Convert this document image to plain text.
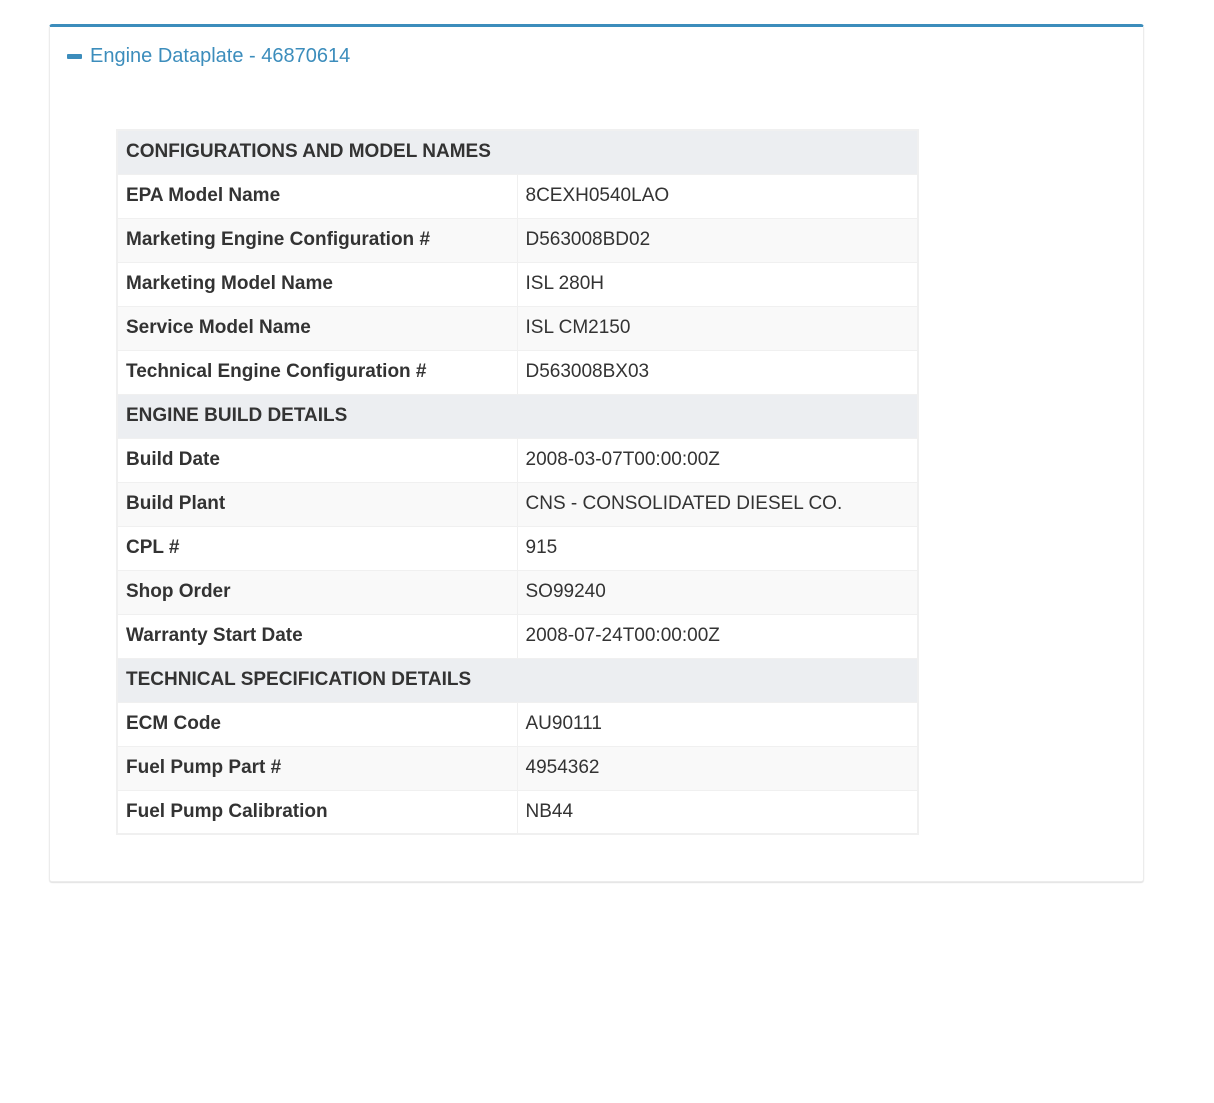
Engine Dataplate - 46870614
CONFIGURATIONS AND MODEL NAMES	
EPA Model Name	8CEXH0540LAO
Marketing Engine Configuration #	D563008BD02
Marketing Model Name	ISL 280H
Service Model Name	ISL CM2150
Technical Engine Configuration #	D563008BX03
ENGINE BUILD DETAILS	
Build Date	2008-03-07T00:00:00Z
Build Plant	CNS - CONSOLIDATED DIESEL CO.
CPL #	915
Shop Order	SO99240
Warranty Start Date	2008-07-24T00:00:00Z
TECHNICAL SPECIFICATION DETAILS	
ECM Code	AU90111
Fuel Pump Part #	4954362
Fuel Pump Calibration	NB44
